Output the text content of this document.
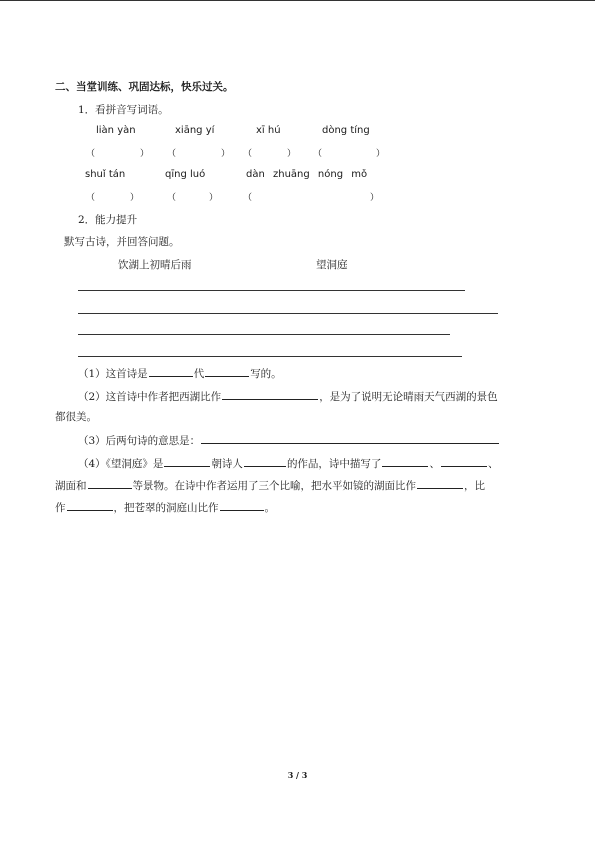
二、当堂训练、巩固达标，快乐过关。
1．看拼音写词语。
liàn yàn	xiāng yí	xī hú	dòng tíng
（	） （	） （	） （	）
shuǐ tán	qīng luó	dàn zhuāng nóng mǒ
（	）	（	）	（	）
2．能力提升
默写古诗，并回答问题。
饮湖上初晴后雨	望洞庭
（1）这首诗是	代	写的。
（2）这首诗中作者把西湖比作	，是为了说明无论晴雨天气西湖的景色
都很美。
（3）后两句诗的意思是：
（4）《望洞庭》是	朝诗人	的作品，诗中描写了	、	、
湖面和	等景物。在诗中作者运用了三个比喻，把水平如镜的湖面比作	，比
作	，把苍翠的洞庭山比作	。
3 / 3
